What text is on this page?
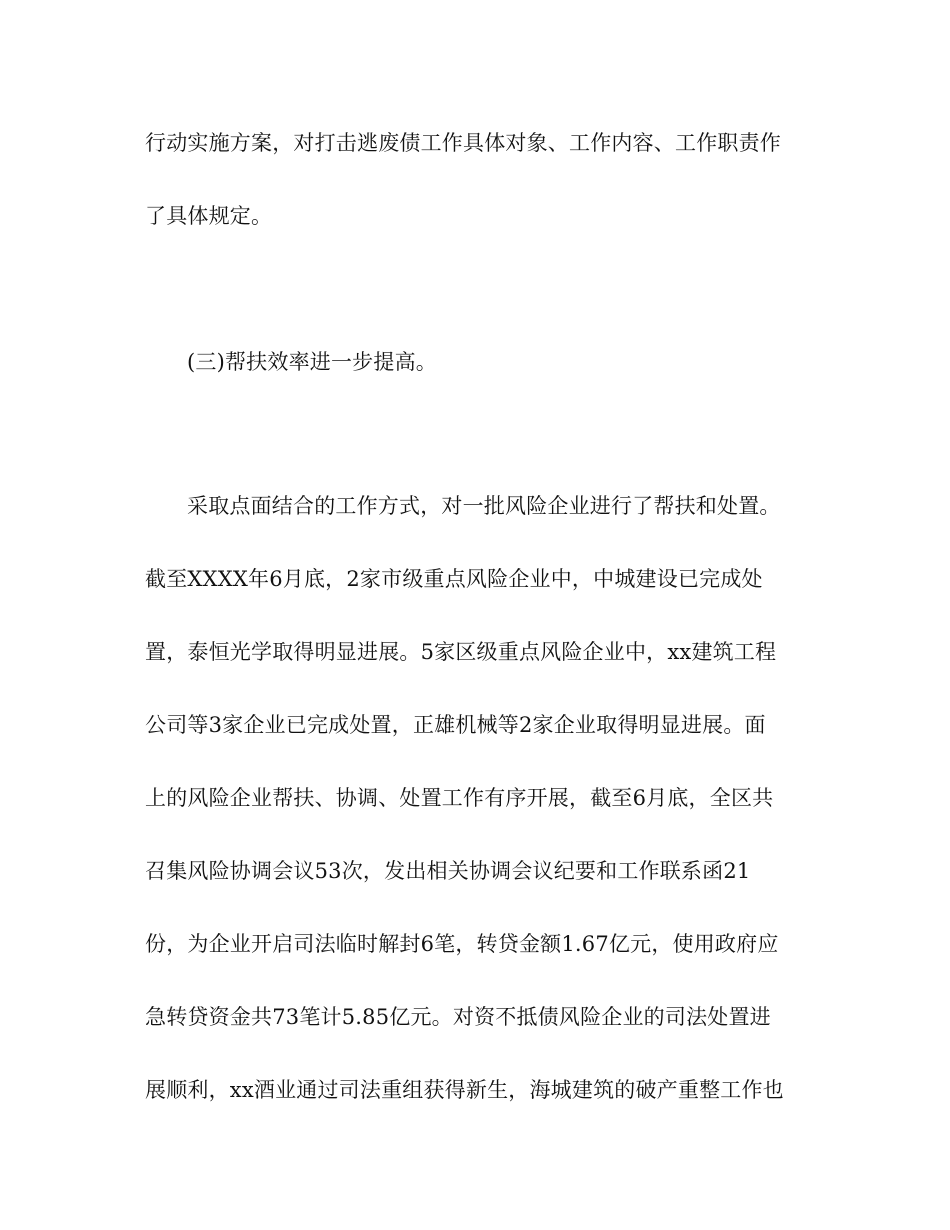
行动实施方案，对打击逃废债工作具体对象、工作内容、工作职责作
了具体规定。
(三)帮扶效率进一步提高。
采取点面结合的工作方式，对一批风险企业进行了帮扶和处置。
截至XXXX年6月底，2家市级重点风险企业中，中城建设已完成处
置，泰恒光学取得明显进展。5家区级重点风险企业中，xx建筑工程
公司等3家企业已完成处置，正雄机械等2家企业取得明显进展。面
上的风险企业帮扶、协调、处置工作有序开展，截至6月底，全区共
召集风险协调会议53次，发出相关协调会议纪要和工作联系函21
份，为企业开启司法临时解封6笔，转贷金额1.67亿元，使用政府应
急转贷资金共73笔计5.85亿元。对资不抵债风险企业的司法处置进
展顺利，xx酒业通过司法重组获得新生，海城建筑的破产重整工作也
